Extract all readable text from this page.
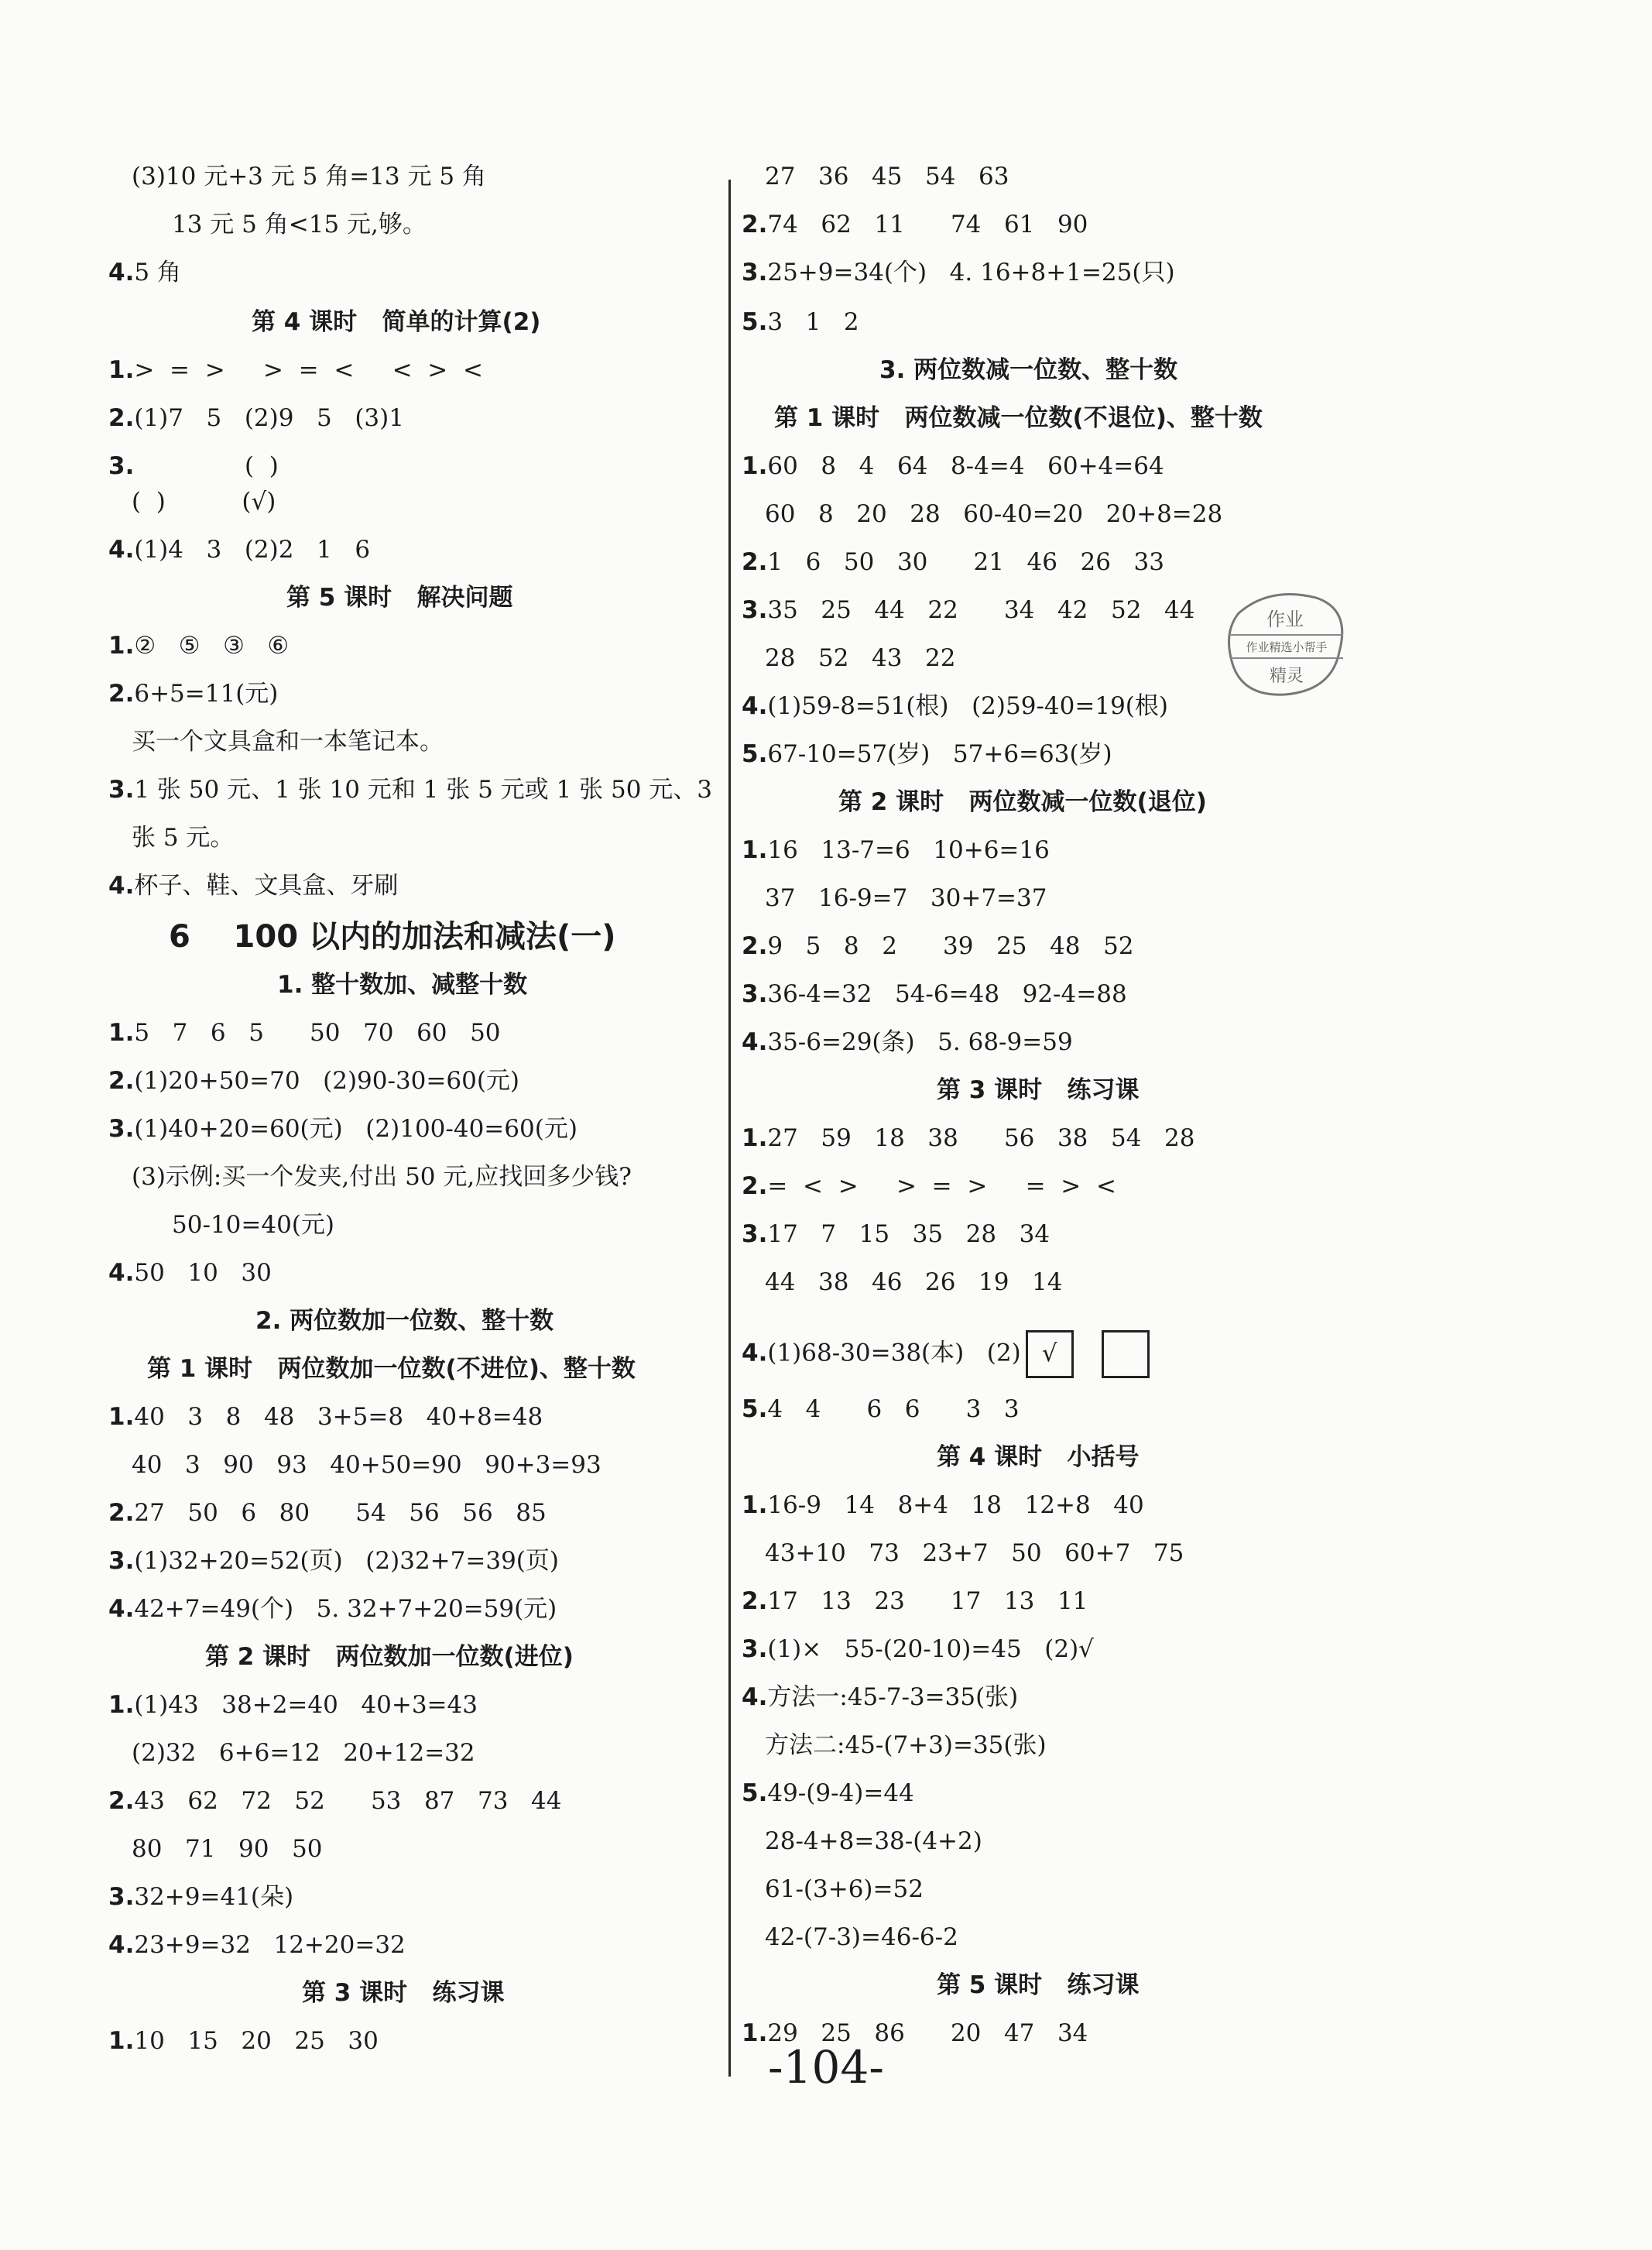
(3)10 元+3 元 5 角=13 元 5 角
13 元 5 角<15 元,够。
4.5 角
第 4 课时   简单的计算(2)
1.>  =  >     >  =  <     <  >  <
2.(1)7   5   (2)9   5   (3)1
3.	(  )
(  )          (√)
4.(1)4   3   (2)2   1   6
第 5 课时   解决问题
1.②   ⑤   ③   ⑥
2.6+5=11(元)
买一个文具盒和一本笔记本。
3.1 张 50 元、1 张 10 元和 1 张 5 元或 1 张 50 元、3
张 5 元。
4.杯子、鞋、文具盒、牙刷
6    100 以内的加法和减法(一)
1. 整十数加、减整十数
1.5   7   6   5      50   70   60   50
2.(1)20+50=70   (2)90-30=60(元)
3.(1)40+20=60(元)   (2)100-40=60(元)
(3)示例:买一个发夹,付出 50 元,应找回多少钱?
50-10=40(元)
4.50   10   30
2. 两位数加一位数、整十数
第 1 课时   两位数加一位数(不进位)、整十数
1.40   3   8   48   3+5=8   40+8=48
40   3   90   93   40+50=90   90+3=93
2.27   50   6   80      54   56   56   85
3.(1)32+20=52(页)   (2)32+7=39(页)
4.42+7=49(个)   5. 32+7+20=59(元)
第 2 课时   两位数加一位数(进位)
1.(1)43   38+2=40   40+3=43
(2)32   6+6=12   20+12=32
2.43   62   72   52      53   87   73   44
80   71   90   50
3.32+9=41(朵)
4.23+9=32   12+20=32
第 3 课时   练习课
1.10   15   20   25   30
27   36   45   54   63
2.74   62   11      74   61   90
3.25+9=34(个)   4. 16+8+1=25(只)
5.3   1   2
3. 两位数减一位数、整十数
第 1 课时   两位数减一位数(不退位)、整十数
1.60   8   4   64   8-4=4   60+4=64
60   8   20   28   60-40=20   20+8=28
2.1   6   50   30      21   46   26   33
3.35   25   44   22      34   42   52   44
28   52   43   22
4.(1)59-8=51(根)   (2)59-40=19(根)
5.67-10=57(岁)   57+6=63(岁)
第 2 课时   两位数减一位数(退位)
1.16   13-7=6   10+6=16
37   16-9=7   30+7=37
2.9   5   8   2      39   25   48   52
3.36-4=32   54-6=48   92-4=88
4.35-6=29(条)   5. 68-9=59
第 3 课时   练习课
1.27   59   18   38      56   38   54   28
2.=  <  >     >  =  >     =  >  <
3.17   7   15   35   28   34
44   38   46   26   19   14
4.(1)68-30=38(本)   (2) √
5.4   4      6   6      3   3
第 4 课时   小括号
1.16-9   14   8+4   18   12+8   40
43+10   73   23+7   50   60+7   75
2.17   13   23      17   13   11
3.(1)×   55-(20-10)=45   (2)√
4.方法一:45-7-3=35(张)
方法二:45-(7+3)=35(张)
5.49-(9-4)=44
28-4+8=38-(4+2)
61-(3+6)=52
42-(7-3)=46-6-2
第 5 课时   练习课
1.29   25   86      20   47   34
作业
作业精选小帮手
精灵
-104-
